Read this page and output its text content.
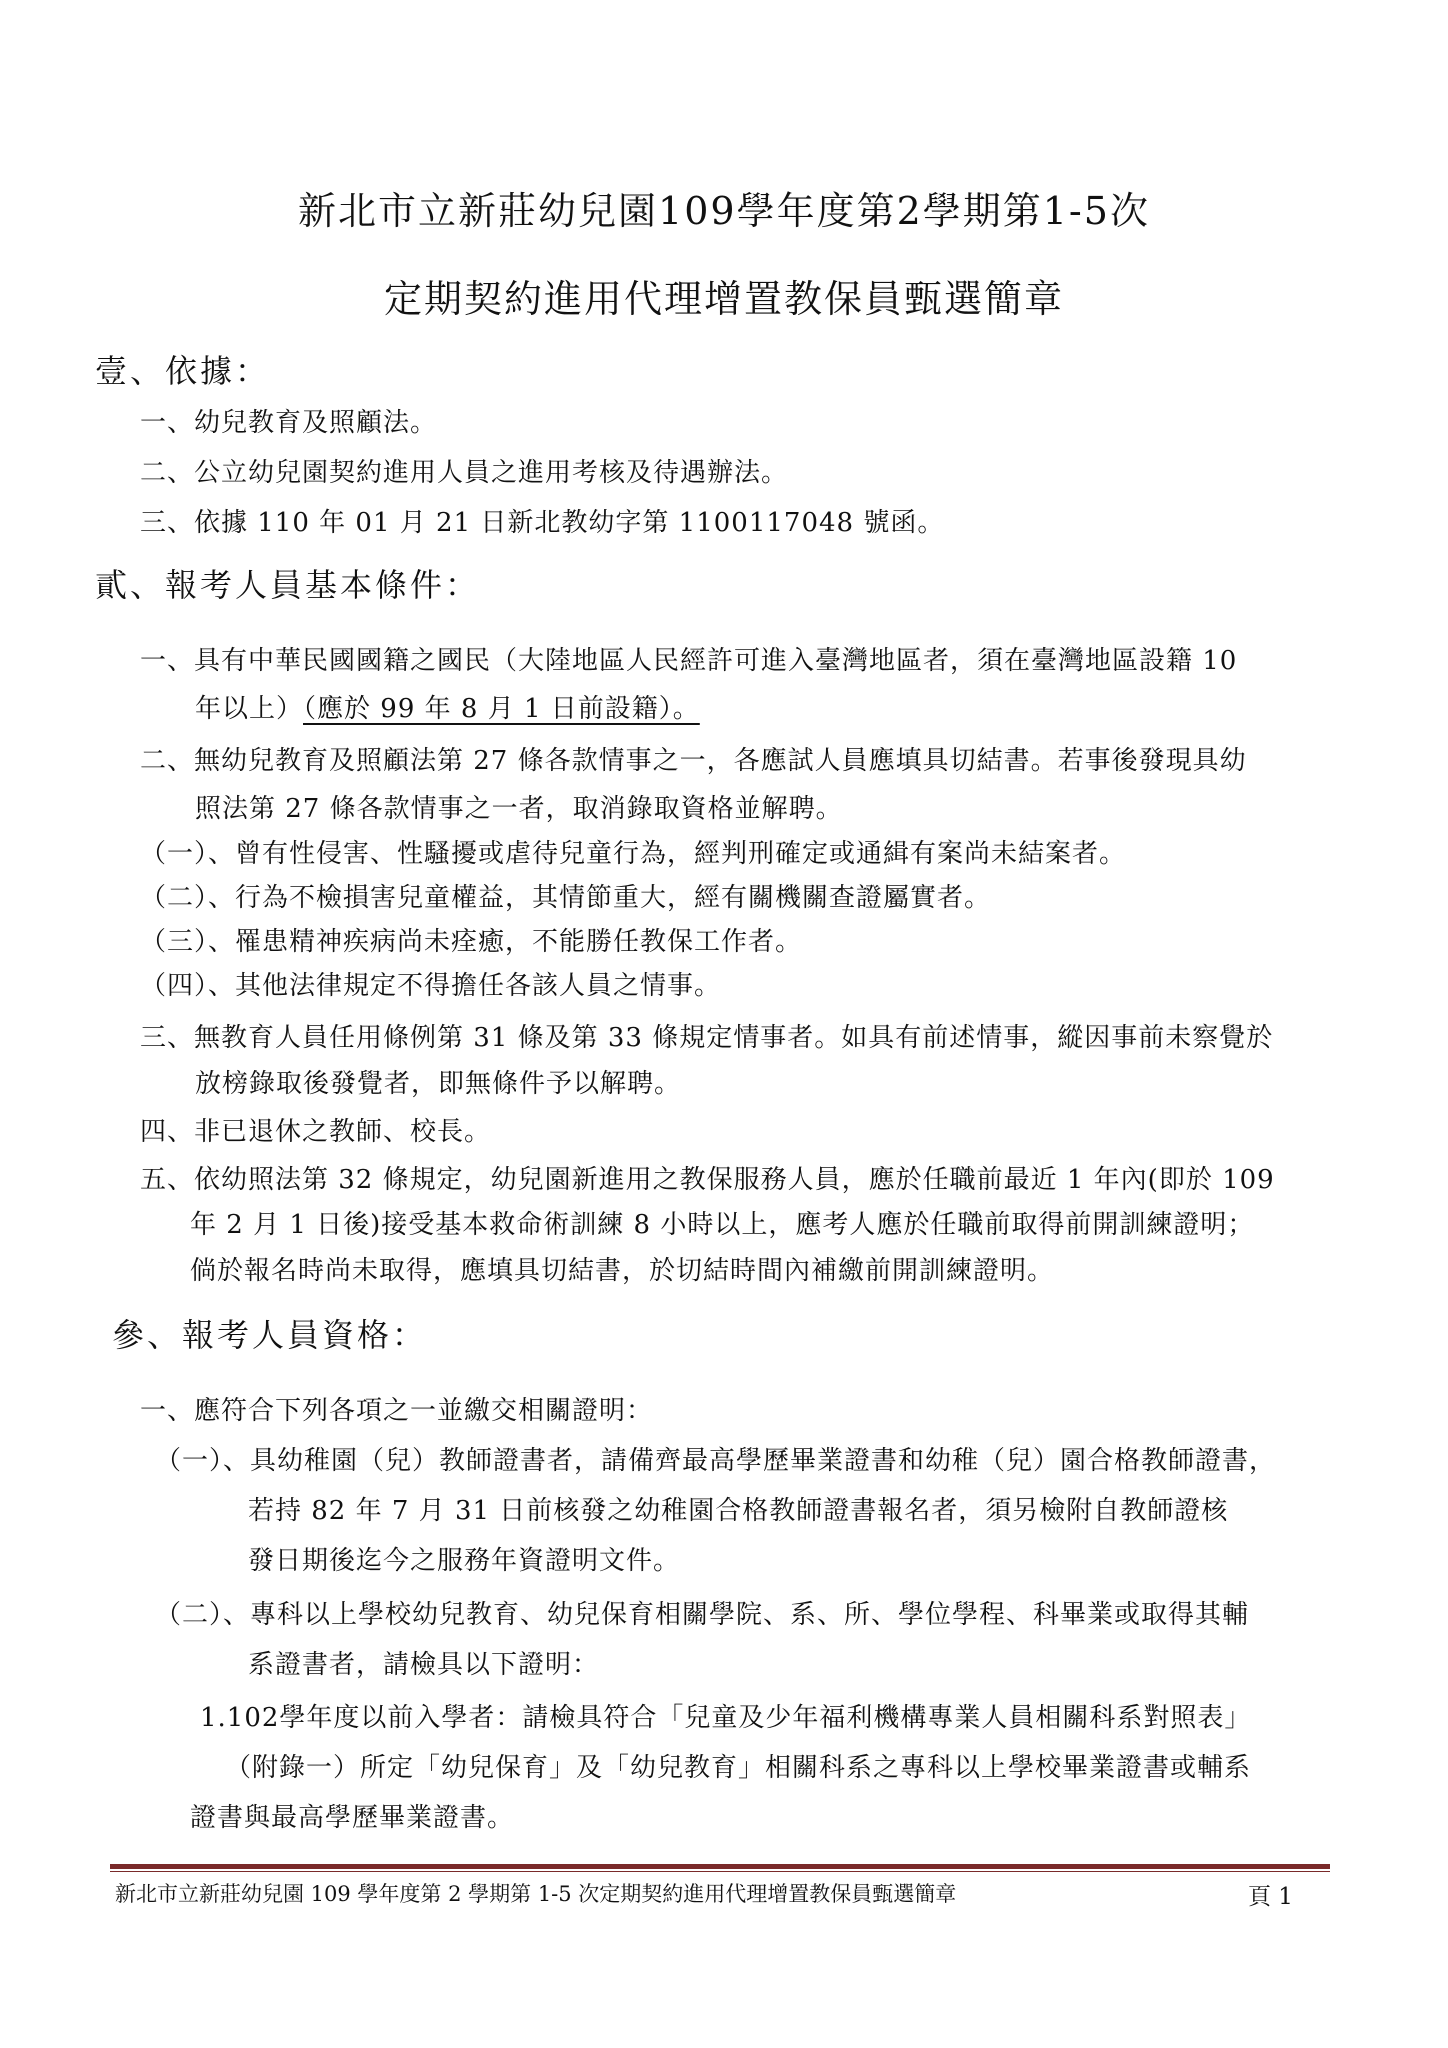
新北市立新莊幼兒園109學年度第2學期第1-5次
定期契約進用代理增置教保員甄選簡章
壹、依據：
一、幼兒教育及照顧法。
二、公立幼兒園契約進用人員之進用考核及待遇辦法。
三、依據 110 年 01 月 21 日新北教幼字第 1100117048 號函。
貳、報考人員基本條件：
一、具有中華民國國籍之國民（大陸地區人民經許可進入臺灣地區者，須在臺灣地區設籍 10
年以上）（應於 99 年 8 月 1 日前設籍）。
二、無幼兒教育及照顧法第 27 條各款情事之一，各應試人員應填具切結書。若事後發現具幼
照法第 27 條各款情事之一者，取消錄取資格並解聘。
（一）、曾有性侵害、性騷擾或虐待兒童行為，經判刑確定或通緝有案尚未結案者。
（二）、行為不檢損害兒童權益，其情節重大，經有關機關查證屬實者。
（三）、罹患精神疾病尚未痊癒，不能勝任教保工作者。
（四）、其他法律規定不得擔任各該人員之情事。
三、無教育人員任用條例第 31 條及第 33 條規定情事者。如具有前述情事，縱因事前未察覺於
放榜錄取後發覺者，即無條件予以解聘。
四、非已退休之教師、校長。
五、依幼照法第 32 條規定，幼兒園新進用之教保服務人員，應於任職前最近 1 年內(即於 109
年 2 月 1 日後)接受基本救命術訓練 8 小時以上，應考人應於任職前取得前開訓練證明；
倘於報名時尚未取得，應填具切結書，於切結時間內補繳前開訓練證明。
參、報考人員資格：
一、應符合下列各項之一並繳交相關證明：
（一）、具幼稚園（兒）教師證書者，請備齊最高學歷畢業證書和幼稚（兒）園合格教師證書，
若持 82 年 7 月 31 日前核發之幼稚園合格教師證書報名者，須另檢附自教師證核
發日期後迄今之服務年資證明文件。
（二）、專科以上學校幼兒教育、幼兒保育相關學院、系、所、學位學程、科畢業或取得其輔
系證書者，請檢具以下證明：
1.102學年度以前入學者：請檢具符合「兒童及少年福利機構專業人員相關科系對照表」
（附錄一）所定「幼兒保育」及「幼兒教育」相關科系之專科以上學校畢業證書或輔系
證書與最高學歷畢業證書。
新北市立新莊幼兒園 109 學年度第 2 學期第 1-5 次定期契約進用代理增置教保員甄選簡章	頁 1
